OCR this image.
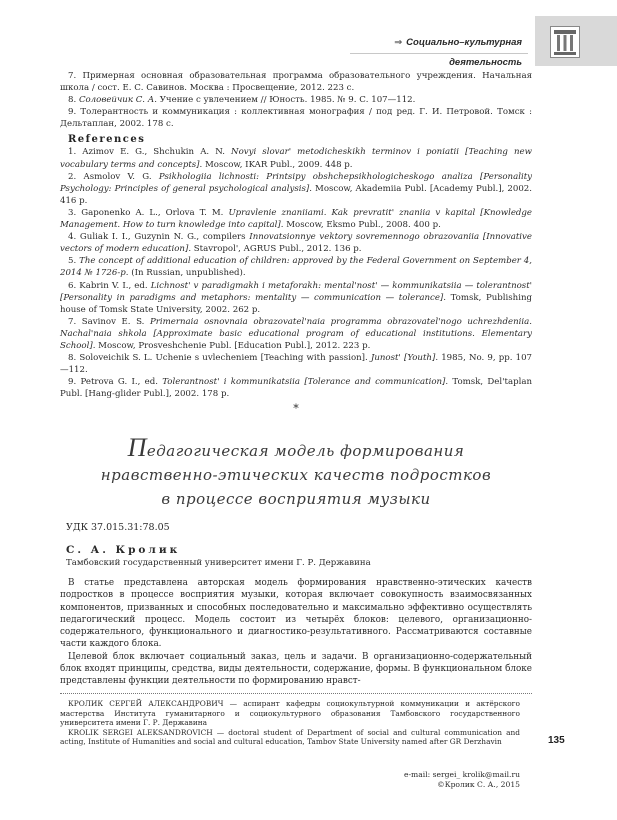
⇒ Социально–культурная деятельность

7. Примерная основная образовательная программа образовательного учреждения. Начальная школа / сост. Е. С. Савинов. Москва : Просвещение, 2012. 223 с.

8. Соловейчик С. А. Учение с увлечением // Юность. 1985. № 9. С. 107—112.

9. Толерантность и коммуникация : коллективная монография / под ред. Г. И. Петровой. Томск : Дельтаплан, 2002. 178 с.

References

1. Azimov E. G., Shchukin A. N. Novyi slovar' metodicheskikh terminov i poniatii [Teaching new vocabulary terms and concepts]. Moscow, IKAR Publ., 2009. 448 p.

2. Asmolov V. G. Psikhologiia lichnosti: Printsipy obshchepsikhologicheskogo analiza [Personality Psychology: Principles of general psychological analysis]. Moscow, Akademiia Publ. [Academy Publ.], 2002. 416 p.

3. Gaponenko A. L., Orlova T. M. Upravlenie znaniiami. Kak prevratit' znaniia v kapital [Knowledge Management. How to turn knowledge into capital]. Moscow, Eksmo Publ., 2008. 400 p.

4. Guliak I. I., Guzynin N. G., compilers Innovatsionnye vektory sovremennogo obrazovaniia [Innovative vectors of modern education]. Stavropol', AGRUS Publ., 2012. 136 p.

5. The concept of additional education of children: approved by the Federal Government on September 4, 2014 № 1726-p. (In Russian, unpublished).

6. Kabrin V. I., ed. Lichnost' v paradigmakh i metaforakh: mental'nost' — kommunikatsiia — tolerantnost' [Personality in paradigms and metaphors: mentality — communication — tolerance]. Tomsk, Publishing house of Tomsk State University, 2002. 262 p.

7. Savinov E. S. Primernaia osnovnaia obrazovatel'naia programma obrazovatel'nogo uchrezhdeniia. Nachal'naia shkola [Approximate basic educational program of educational institutions. Elementary School]. Moscow, Prosveshchenie Publ. [Education Publ.], 2012. 223 p.

8. Soloveichik S. L. Uchenie s uvlecheniem [Teaching with passion]. Junost' [Youth]. 1985, No. 9, pp. 107—112.

9. Petrova G. I., ed. Tolerantnost' i kommunikatsiia [Tolerance and communication]. Tomsk, Del'taplan Publ. [Hang-glider Publ.], 2002. 178 p.

*
Педагогическая модель формирования
нравственно-этических качеств подростков
в процессе восприятия музыки
УДК 37.015.31:78.05
С. А. Кролик
Тамбовский государственный университет имени Г. Р. Державина

В статье представлена авторская модель формирования нравственно-этических качеств подростков в процессе восприятия музыки, которая включает совокупность взаимосвязанных компонентов, призванных и способных последовательно и максимально эффективно осуществлять педагогический процесс. Модель состоит из четырёх блоков: целевого, организационно-содержательного, функционального и диагностико-результативного. Рассматриваются составные части каждого блока.

Целевой блок включает социальный заказ, цель и задачи. В организационно-содержательный блок входят принципы, средства, виды деятельности, содержание, формы. В функциональном блоке представлены функции деятельности по формированию нравст-

КРОЛИК СЕРГЕЙ АЛЕКСАНДРОВИЧ — аспирант кафедры социокультурной коммуникации и актёрского мастерства Института гуманитарного и социокультурного образования Тамбовского государственного университета имени Г. Р. Державина

KROLIK SERGEI ALEKSANDROVICH — doctoral student of Department of social and cultural communication and acting, Institute of Humanities and social and cultural education, Tambov State University named after GR Derzhavin	135
e-mail: sergei_ krolik@mail.ru
©Кролик С. А., 2015
